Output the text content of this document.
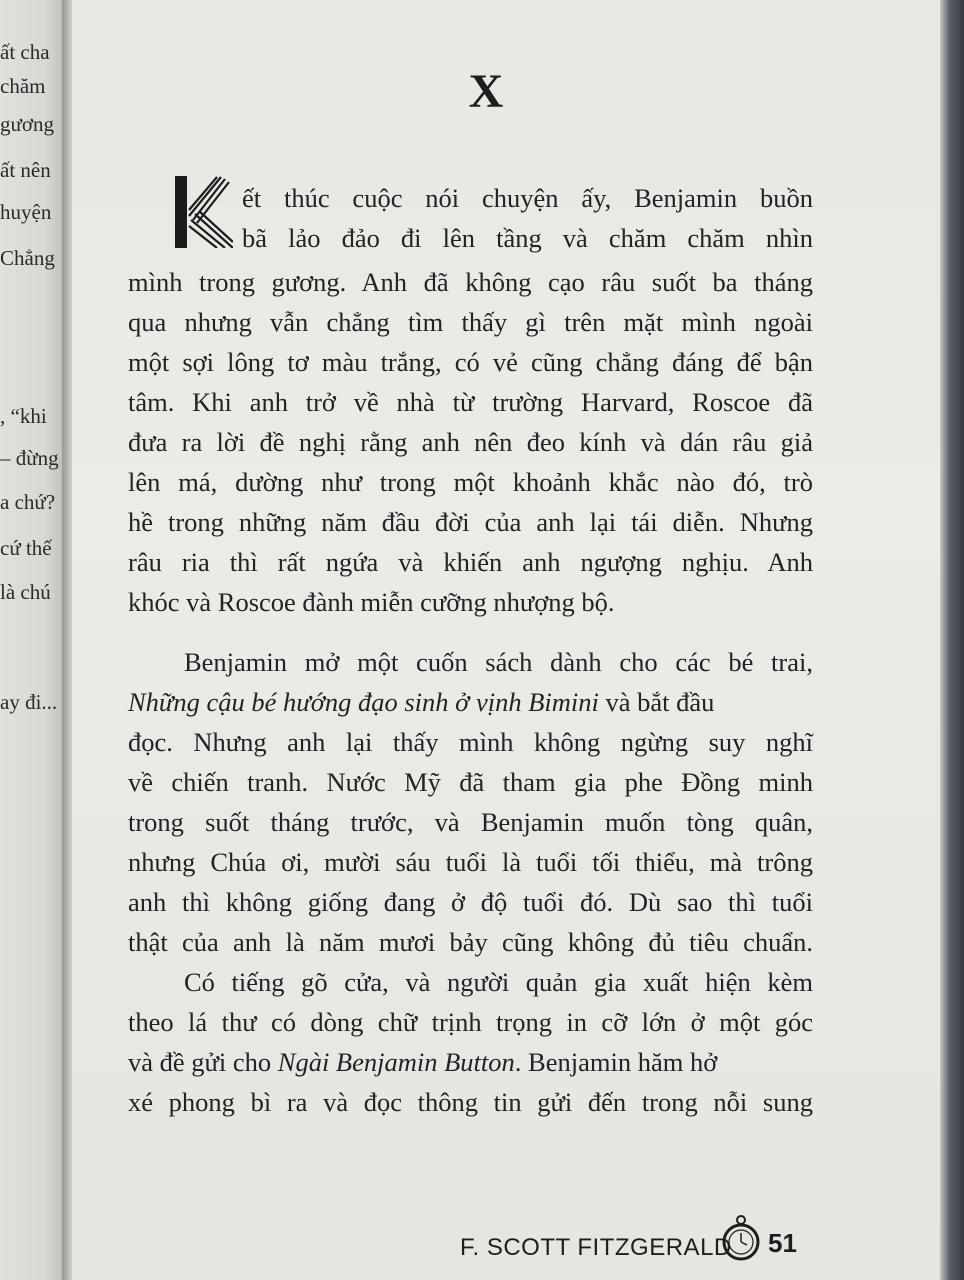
ất cha
chăm
gương
ất nên
huyện
Chẳng
, “khi
– đừng
a chứ?
cứ thế
là chú
ay đi...
X
ết thúc cuộc nói chuyện ấy, Benjamin buồn
bã lảo đảo đi lên tầng và chăm chăm nhìn
mình trong gương. Anh đã không cạo râu suốt ba tháng
qua nhưng vẫn chẳng tìm thấy gì trên mặt mình ngoài
một sợi lông tơ màu trắng, có vẻ cũng chẳng đáng để bận
tâm. Khi anh trở về nhà từ trường Harvard, Roscoe đã
đưa ra lời đề nghị rằng anh nên đeo kính và dán râu giả
lên má, dường như trong một khoảnh khắc nào đó, trò
hề trong những năm đầu đời của anh lại tái diễn. Nhưng
râu ria thì rất ngứa và khiến anh ngượng nghịu. Anh
khóc và Roscoe đành miễn cưỡng nhượng bộ.
Benjamin mở một cuốn sách dành cho các bé trai,
Những cậu bé hướng đạo sinh ở vịnh Bimini và bắt đầu
đọc. Nhưng anh lại thấy mình không ngừng suy nghĩ
về chiến tranh. Nước Mỹ đã tham gia phe Đồng minh
trong suốt tháng trước, và Benjamin muốn tòng quân,
nhưng Chúa ơi, mười sáu tuổi là tuổi tối thiểu, mà trông
anh thì không giống đang ở độ tuổi đó. Dù sao thì tuổi
thật của anh là năm mươi bảy cũng không đủ tiêu chuẩn.
Có tiếng gõ cửa, và người quản gia xuất hiện kèm
theo lá thư có dòng chữ trịnh trọng in cỡ lớn ở một góc
và đề gửi cho Ngài Benjamin Button. Benjamin hăm hở
xé phong bì ra và đọc thông tin gửi đến trong nỗi sung
F. SCOTT FITZGERALD 51
